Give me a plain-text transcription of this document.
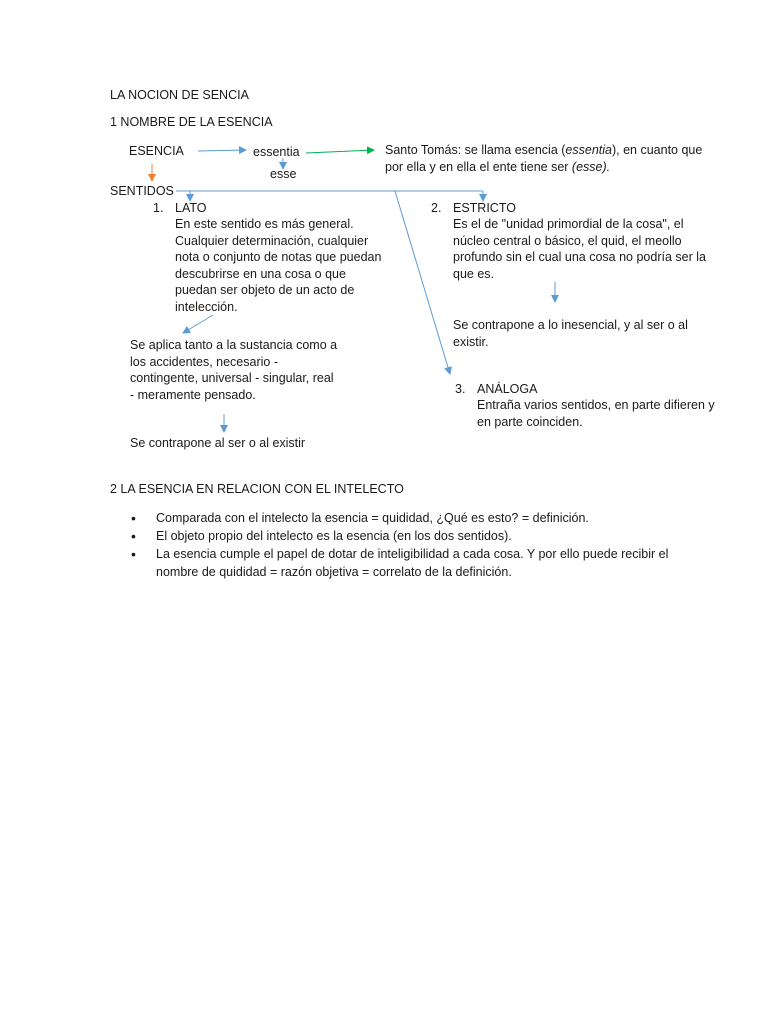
LA NOCION DE SENCIA
1 NOMBRE DE LA ESENCIA
ESENCIA	essentia
esse
Santo Tomás: se llama esencia (essentia), en cuanto que
por ella y en ella el ente tiene ser (esse).
SENTIDOS
1. LATO
En este sentido es más general. Cualquier determinación, cualquier nota o conjunto de notas que puedan descubrirse en una cosa o que puedan ser objeto de un acto de intelección.
Se aplica tanto a la sustancia como a los accidentes, necesario - contingente, universal - singular, real - meramente pensado.
Se contrapone al ser o al existir
2. ESTRICTO
Es el de "unidad primordial de la cosa", el núcleo central o básico, el quid, el meollo profundo sin el cual una cosa no podría ser la que es.
Se contrapone a lo inesencial, y al ser o al existir.
3. ANÁLOGA
Entraña varios sentidos, en parte difieren y en parte coinciden.
2 LA ESENCIA EN RELACION CON EL INTELECTO
• Comparada con el intelecto la esencia = quididad, ¿Qué es esto? = definición.
• El objeto propio del intelecto es la esencia (en los dos sentidos).
• La esencia cumple el papel de dotar de inteligibilidad a cada cosa. Y por ello puede recibir el nombre de quididad = razón objetiva = correlato de la definición.
